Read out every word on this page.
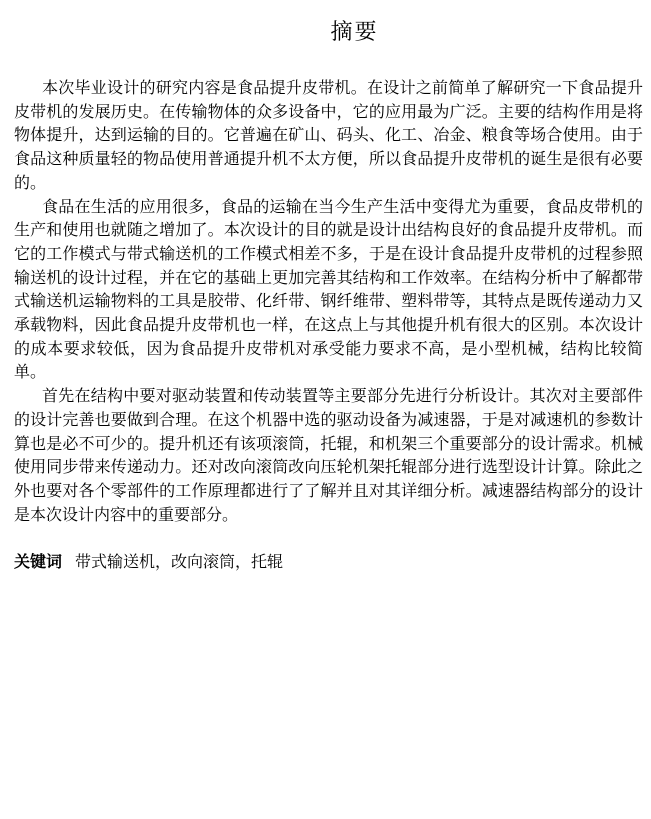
摘要

本次毕业设计的研究内容是食品提升皮带机。在设计之前简单了解研究一下食品提升皮带机的发展历史。在传输物体的众多设备中，它的应用最为广泛。主要的结构作用是将物体提升，达到运输的目的。它普遍在矿山、码头、化工、冶金、粮食等场合使用。由于食品这种质量轻的物品使用普通提升机不太方便，所以食品提升皮带机的诞生是很有必要的。

食品在生活的应用很多，食品的运输在当今生产生活中变得尤为重要，食品皮带机的生产和使用也就随之增加了。本次设计的目的就是设计出结构良好的食品提升皮带机。而它的工作模式与带式输送机的工作模式相差不多，于是在设计食品提升皮带机的过程参照输送机的设计过程，并在它的基础上更加完善其结构和工作效率。在结构分析中了解都带式输送机运输物料的工具是胶带、化纤带、钢纤维带、塑料带等，其特点是既传递动力又承载物料，因此食品提升皮带机也一样，在这点上与其他提升机有很大的区别。本次设计的成本要求较低，因为食品提升皮带机对承受能力要求不高，是小型机械，结构比较简单。

首先在结构中要对驱动装置和传动装置等主要部分先进行分析设计。其次对主要部件的设计完善也要做到合理。在这个机器中选的驱动设备为减速器，于是对减速机的参数计算也是必不可少的。提升机还有该项滚筒，托辊，和机架三个重要部分的设计需求。机械使用同步带来传递动力。还对改向滚筒改向压轮机架托辊部分进行选型设计计算。除此之外也要对各个零部件的工作原理都进行了了解并且对其详细分析。减速器结构部分的设计是本次设计内容中的重要部分。

关键词 带式输送机，改向滚筒，托辊
